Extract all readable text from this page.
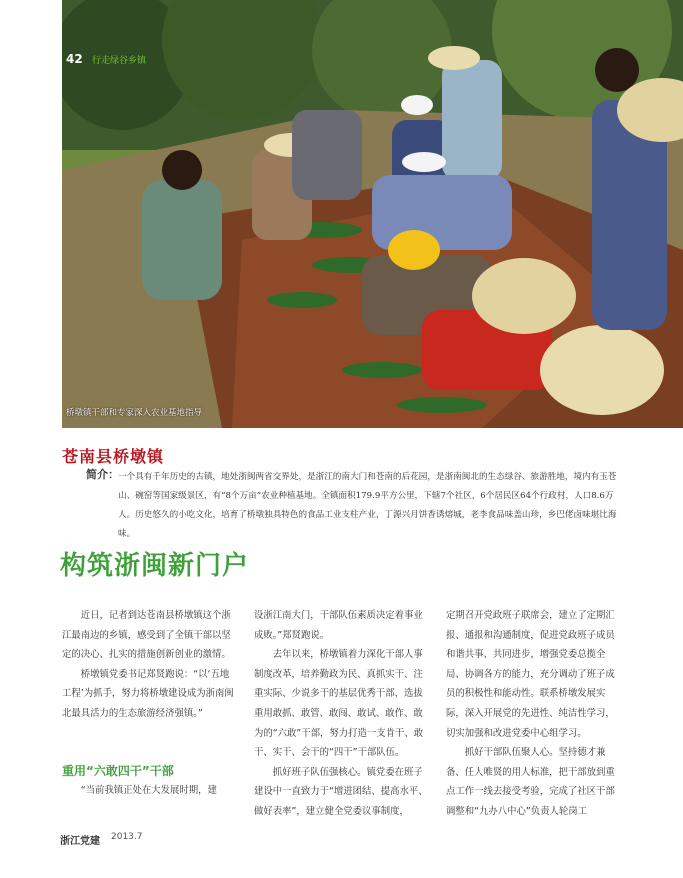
42 行走绿谷乡镇
桥墩镇干部和专家深入农业基地指导
苍南县桥墩镇
简介： 一个具有千年历史的古镇，地处浙闽两省交界处，是浙江的南大门和苍南的后花园，是浙南闽北的生态绿谷、旅游胜地，境内有玉苍山、碗窑等国家级景区，有“8个万亩”农业种植基地。全镇面积179.9平方公里，下辖7个社区，6个居民区64个行政村，人口8.6万人。历史悠久的小吃文化，培育了桥墩独具特色的食品工业支柱产业，丁源兴月饼香诱熔城，老李食品味盖山珍，乡巴佬卤味堪比海味。

构筑浙闽新门户

近日，记者到达苍南县桥墩镇这个浙江最南边的乡镇，感受到了全镇干部以坚定的决心、扎实的措施创新创业的激情。

桥墩镇党委书记郑贤跑说：“以‘五地工程’为抓手，努力将桥墩建设成为浙南闽北最具活力的生态旅游经济强镇。”

重用“六敢四干”干部

“当前我镇正处在大发展时期，建

设浙江南大门，干部队伍素质决定着事业成败。”郑贤跑说。

去年以来，桥墩镇着力深化干部人事制度改革，培养勤政为民、真抓实干、注重实际、少说多干的基层优秀干部，选拔重用敢抓、敢管、敢闯、敢试、敢作、敢为的“六敢”干部，努力打造一支肯干、敢干、实干、会干的“四干”干部队伍。

抓好班子队伍强核心。镇党委在班子建设中一直致力于“增进团结、提高水平、做好表率”，建立健全党委议事制度，

定期召开党政班子联席会，建立了定期汇报、通报和沟通制度，促进党政班子成员和谐共事、共同进步，增强党委总揽全局、协调各方的能力，充分调动了班子成员的积极性和能动性。联系桥墩发展实际，深入开展党的先进性、纯洁性学习，切实加强和改进党委中心组学习。

抓好干部队伍聚人心。坚持德才兼备、任人唯贤的用人标准，把干部放到重点工作一线去接受考验，完成了社区干部调整和“九办八中心”负责人轮岗工

浙江党建 2013.7
